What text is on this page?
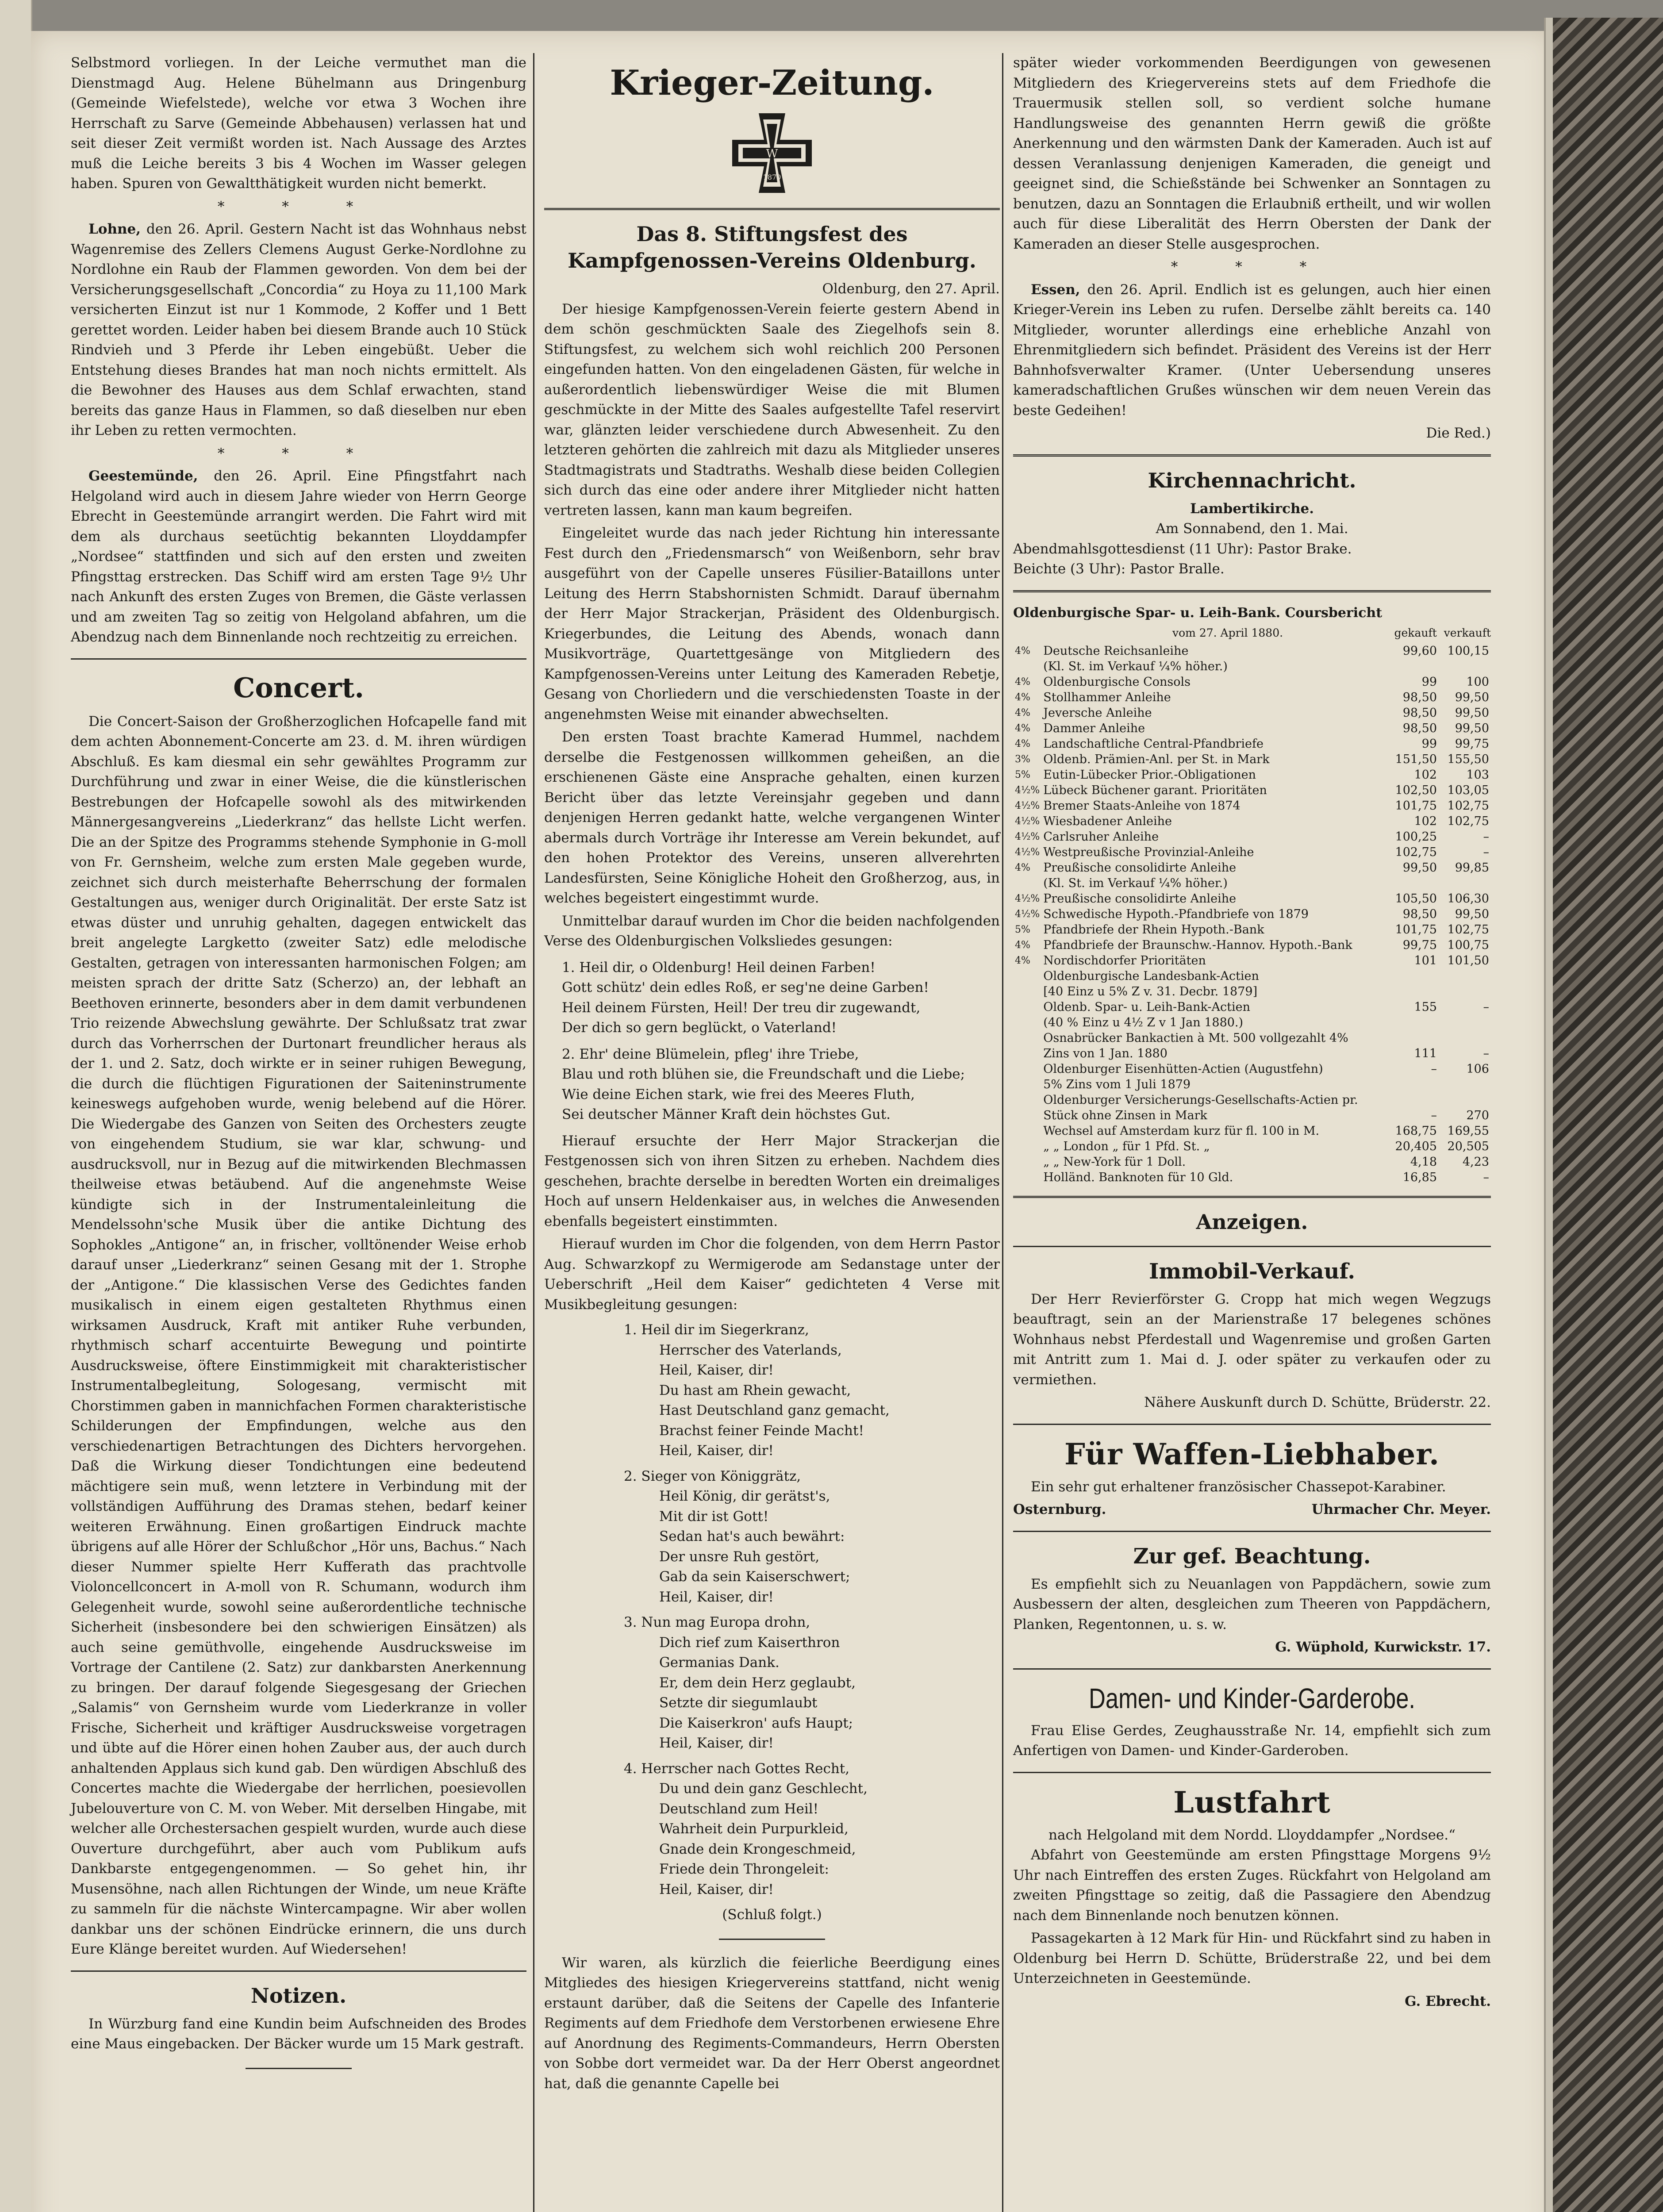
Selbstmord vorliegen. In der Leiche vermuthet man die Dienstmagd Aug. Helene Bühelmann aus Dringenburg (Gemeinde Wiefelstede), welche vor etwa 3 Wochen ihre Herrschaft zu Sarve (Gemeinde Abbehausen) verlassen hat und seit dieser Zeit vermißt worden ist. Nach Aussage des Arztes muß die Leiche bereits 3 bis 4 Wochen im Wasser gelegen haben. Spuren von Gewaltthätigkeit wurden nicht bemerkt.

* * *

Lohne, den 26. April. Gestern Nacht ist das Wohnhaus nebst Wagenremise des Zellers Clemens August Gerke-Nordlohne zu Nordlohne ein Raub der Flammen geworden. Von dem bei der Versicherungsgesellschaft „Concordia“ zu Hoya zu 11,100 Mark versicherten Einzut ist nur 1 Kommode, 2 Koffer und 1 Bett gerettet worden. Leider haben bei diesem Brande auch 10 Stück Rindvieh und 3 Pferde ihr Leben eingebüßt. Ueber die Entstehung dieses Brandes hat man noch nichts ermittelt. Als die Bewohner des Hauses aus dem Schlaf erwachten, stand bereits das ganze Haus in Flammen, so daß dieselben nur eben ihr Leben zu retten vermochten.

* * *

Geestemünde, den 26. April. Eine Pfingstfahrt nach Helgoland wird auch in diesem Jahre wieder von Herrn George Ebrecht in Geestemünde arrangirt werden. Die Fahrt wird mit dem als durchaus seetüchtig bekannten Lloyddampfer „Nordsee“ stattfinden und sich auf den ersten und zweiten Pfingsttag erstrecken. Das Schiff wird am ersten Tage 9½ Uhr nach Ankunft des ersten Zuges von Bremen, die Gäste verlassen und am zweiten Tag so zeitig von Helgoland abfahren, um die Abendzug nach dem Binnenlande noch rechtzeitig zu erreichen.

Concert.

Die Concert-Saison der Großherzoglichen Hofcapelle fand mit dem achten Abonnement-Concerte am 23. d. M. ihren würdigen Abschluß. Es kam diesmal ein sehr gewähltes Programm zur Durchführung und zwar in einer Weise, die die künstlerischen Bestrebungen der Hofcapelle sowohl als des mitwirkenden Männergesangvereins „Liederkranz“ das hellste Licht werfen. Die an der Spitze des Programms stehende Symphonie in G-moll von Fr. Gernsheim, welche zum ersten Male gegeben wurde, zeichnet sich durch meisterhafte Beherrschung der formalen Gestaltungen aus, weniger durch Originalität. Der erste Satz ist etwas düster und unruhig gehalten, dagegen entwickelt das breit angelegte Largketto (zweiter Satz) edle melodische Gestalten, getragen von interessanten harmonischen Folgen; am meisten sprach der dritte Satz (Scherzo) an, der lebhaft an Beethoven erinnerte, besonders aber in dem damit verbundenen Trio reizende Abwechslung gewährte. Der Schlußsatz trat zwar durch das Vorherrschen der Durtonart freundlicher heraus als der 1. und 2. Satz, doch wirkte er in seiner ruhigen Bewegung, die durch die flüchtigen Figurationen der Saiteninstrumente keineswegs aufgehoben wurde, wenig belebend auf die Hörer. Die Wiedergabe des Ganzen von Seiten des Orchesters zeugte von eingehendem Studium, sie war klar, schwung- und ausdrucksvoll, nur in Bezug auf die mitwirkenden Blechmassen theilweise etwas betäubend. Auf die angenehmste Weise kündigte sich in der Instrumentaleinleitung die Mendelssohn'sche Musik über die antike Dichtung des Sophokles „Antigone“ an, in frischer, volltönender Weise erhob darauf unser „Liederkranz“ seinen Gesang mit der 1. Strophe der „Antigone.“ Die klassischen Verse des Gedichtes fanden musikalisch in einem eigen gestalteten Rhythmus einen wirksamen Ausdruck, Kraft mit antiker Ruhe verbunden, rhythmisch scharf accentuirte Bewegung und pointirte Ausdrucksweise, öftere Einstimmigkeit mit charakteristischer Instrumentalbegleitung, Sologesang, vermischt mit Chorstimmen gaben in mannichfachen Formen charakteristische Schilderungen der Empfindungen, welche aus den verschiedenartigen Betrachtungen des Dichters hervorgehen. Daß die Wirkung dieser Tondichtungen eine bedeutend mächtigere sein muß, wenn letztere in Verbindung mit der vollständigen Aufführung des Dramas stehen, bedarf keiner weiteren Erwähnung. Einen großartigen Eindruck machte übrigens auf alle Hörer der Schlußchor „Hör uns, Bachus.“ Nach dieser Nummer spielte Herr Kufferath das prachtvolle Violoncellconcert in A-moll von R. Schumann, wodurch ihm Gelegenheit wurde, sowohl seine außerordentliche technische Sicherheit (insbesondere bei den schwierigen Einsätzen) als auch seine gemüthvolle, eingehende Ausdrucksweise im Vortrage der Cantilene (2. Satz) zur dankbarsten Anerkennung zu bringen. Der darauf folgende Siegesgesang der Griechen „Salamis“ von Gernsheim wurde vom Liederkranze in voller Frische, Sicherheit und kräftiger Ausdrucksweise vorgetragen und übte auf die Hörer einen hohen Zauber aus, der auch durch anhaltenden Applaus sich kund gab. Den würdigen Abschluß des Concertes machte die Wiedergabe der herrlichen, poesievollen Jubelouverture von C. M. von Weber. Mit derselben Hingabe, mit welcher alle Orchestersachen gespielt wurden, wurde auch diese Ouverture durchgeführt, aber auch vom Publikum aufs Dankbarste entgegengenommen. — So gehet hin, ihr Musensöhne, nach allen Richtungen der Winde, um neue Kräfte zu sammeln für die nächste Wintercampagne. Wir aber wollen dankbar uns der schönen Eindrücke erinnern, die uns durch Eure Klänge bereitet wurden. Auf Wiedersehen!

Notizen.

In Würzburg fand eine Kundin beim Aufschneiden des Brodes eine Maus eingebacken. Der Bäcker wurde um 15 Mark gestraft.

Krieger-Zeitung.
W
1870
Das 8. Stiftungsfest des Kampfgenossen-Vereins Oldenburg.
Oldenburg, den 27. April.

Der hiesige Kampfgenossen-Verein feierte gestern Abend in dem schön geschmückten Saale des Ziegelhofs sein 8. Stiftungsfest, zu welchem sich wohl reichlich 200 Personen eingefunden hatten. Von den eingeladenen Gästen, für welche in außerordentlich liebenswürdiger Weise die mit Blumen geschmückte in der Mitte des Saales aufgestellte Tafel reservirt war, glänzten leider verschiedene durch Abwesenheit. Zu den letzteren gehörten die zahlreich mit dazu als Mitglieder unseres Stadtmagistrats und Stadtraths. Weshalb diese beiden Collegien sich durch das eine oder andere ihrer Mitglieder nicht hatten vertreten lassen, kann man kaum begreifen.

Eingeleitet wurde das nach jeder Richtung hin interessante Fest durch den „Friedensmarsch“ von Weißenborn, sehr brav ausgeführt von der Capelle unseres Füsilier-Bataillons unter Leitung des Herrn Stabshornisten Schmidt. Darauf übernahm der Herr Major Strackerjan, Präsident des Oldenburgisch. Kriegerbundes, die Leitung des Abends, wonach dann Musikvorträge, Quartettgesänge von Mitgliedern des Kampfgenossen-Vereins unter Leitung des Kameraden Rebetje, Gesang von Chorliedern und die verschiedensten Toaste in der angenehmsten Weise mit einander abwechselten.

Den ersten Toast brachte Kamerad Hummel, nachdem derselbe die Festgenossen willkommen geheißen, an die erschienenen Gäste eine Ansprache gehalten, einen kurzen Bericht über das letzte Vereinsjahr gegeben und dann denjenigen Herren gedankt hatte, welche vergangenen Winter abermals durch Vorträge ihr Interesse am Verein bekundet, auf den hohen Protektor des Vereins, unseren allverehrten Landesfürsten, Seine Königliche Hoheit den Großherzog, aus, in welches begeistert eingestimmt wurde.

Unmittelbar darauf wurden im Chor die beiden nachfolgenden Verse des Oldenburgischen Volksliedes gesungen:

1. Heil dir, o Oldenburg! Heil deinen Farben!
Gott schütz' dein edles Roß, er seg'ne deine Garben!
Heil deinem Fürsten, Heil! Der treu dir zugewandt,
Der dich so gern beglückt, o Vaterland!
2. Ehr' deine Blümelein, pfleg' ihre Triebe,
Blau und roth blühen sie, die Freundschaft und die Liebe;
Wie deine Eichen stark, wie frei des Meeres Fluth,
Sei deutscher Männer Kraft dein höchstes Gut.

Hierauf ersuchte der Herr Major Strackerjan die Festgenossen sich von ihren Sitzen zu erheben. Nachdem dies geschehen, brachte derselbe in beredten Worten ein dreimaliges Hoch auf unsern Heldenkaiser aus, in welches die Anwesenden ebenfalls begeistert einstimmten.

Hierauf wurden im Chor die folgenden, von dem Herrn Pastor Aug. Schwarzkopf zu Wermigerode am Sedanstage unter der Ueberschrift „Heil dem Kaiser“ gedichteten 4 Verse mit Musikbegleitung gesungen:

1. Heil dir im Siegerkranz,
Herrscher des Vaterlands,
Heil, Kaiser, dir!
Du hast am Rhein gewacht,
Hast Deutschland ganz gemacht,
Brachst feiner Feinde Macht!
Heil, Kaiser, dir!
2. Sieger von Königgrätz,
Heil König, dir gerätst's,
Mit dir ist Gott!
Sedan hat's auch bewährt:
Der unsre Ruh gestört,
Gab da sein Kaiserschwert;
Heil, Kaiser, dir!
3. Nun mag Europa drohn,
Dich rief zum Kaiserthron
Germanias Dank.
Er, dem dein Herz geglaubt,
Setzte dir siegumlaubt
Die Kaiserkron' aufs Haupt;
Heil, Kaiser, dir!
4. Herrscher nach Gottes Recht,
Du und dein ganz Geschlecht,
Deutschland zum Heil!
Wahrheit dein Purpurkleid,
Gnade dein Krongeschmeid,
Friede dein Throngeleit:
Heil, Kaiser, dir!
(Schluß folgt.)

Wir waren, als kürzlich die feierliche Beerdigung eines Mitgliedes des hiesigen Kriegervereins stattfand, nicht wenig erstaunt darüber, daß die Seitens der Capelle des Infanterie Regiments auf dem Friedhofe dem Verstorbenen erwiesene Ehre auf Anordnung des Regiments-Commandeurs, Herrn Obersten von Sobbe dort vermeidet war. Da der Herr Oberst angeordnet hat, daß die genannte Capelle bei

später wieder vorkommenden Beerdigungen von gewesenen Mitgliedern des Kriegervereins stets auf dem Friedhofe die Trauermusik stellen soll, so verdient solche humane Handlungsweise des genannten Herrn gewiß die größte Anerkennung und den wärmsten Dank der Kameraden. Auch ist auf dessen Veranlassung denjenigen Kameraden, die geneigt und geeignet sind, die Schießstände bei Schwenker an Sonntagen zu benutzen, dazu an Sonntagen die Erlaubniß ertheilt, und wir wollen auch für diese Liberalität des Herrn Obersten der Dank der Kameraden an dieser Stelle ausgesprochen.

* * *

Essen, den 26. April. Endlich ist es gelungen, auch hier einen Krieger-Verein ins Leben zu rufen. Derselbe zählt bereits ca. 140 Mitglieder, worunter allerdings eine erhebliche Anzahl von Ehrenmitgliedern sich befindet. Präsident des Vereins ist der Herr Bahnhofsverwalter Kramer. (Unter Uebersendung unseres kameradschaftlichen Grußes wünschen wir dem neuen Verein das beste Gedeihen!

Die Red.)
Kirchennachricht.
Lambertikirche.
Am Sonnabend, den 1. Mai.
Abendmahlsgottesdienst (11 Uhr): Pastor Brake.
Beichte (3 Uhr): Pastor Bralle.
Oldenburgische Spar- u. Leih-Bank. Coursbericht
vom 27. April 1880.	gekauft verkauft
4%	Deutsche Reichsanleihe	99,60	100,15
	(Kl. St. im Verkauf ¼% höher.)		
4%	Oldenburgische Consols	99	100
4%	Stollhammer Anleihe	98,50	99,50
4%	Jeversche Anleihe	98,50	99,50
4%	Dammer Anleihe	98,50	99,50
4%	Landschaftliche Central-Pfandbriefe	99	99,75
3%	Oldenb. Prämien-Anl. per St. in Mark	151,50	155,50
5%	Eutin-Lübecker Prior.-Obligationen	102	103
4½%	Lübeck Büchener garant. Prioritäten	102,50	103,05
4½%	Bremer Staats-Anleihe von 1874	101,75	102,75
4½%	Wiesbadener Anleihe	102	102,75
4½%	Carlsruher Anleihe	100,25	–
4½%	Westpreußische Provinzial-Anleihe	102,75	–
4%	Preußische consolidirte Anleihe	99,50	99,85
	(Kl. St. im Verkauf ¼% höher.)		
4½%	Preußische consolidirte Anleihe	105,50	106,30
4½%	Schwedische Hypoth.-Pfandbriefe von 1879	98,50	99,50
5%	Pfandbriefe der Rhein Hypoth.-Bank	101,75	102,75
4%	Pfandbriefe der Braunschw.-Hannov. Hypoth.-Bank	99,75	100,75
4%	Nordischdorfer Prioritäten	101	101,50
	Oldenburgische Landesbank-Actien		
	[40 Einz u 5% Z v. 31. Decbr. 1879]		
	Oldenb. Spar- u. Leih-Bank-Actien	155	–
	(40 % Einz u 4½ Z v 1 Jan 1880.)		
	Osnabrücker Bankactien à Mt. 500 vollgezahlt 4%		
	Zins von 1 Jan. 1880	111	–
	Oldenburger Eisenhütten-Actien (Augustfehn)	–	106
	5% Zins vom 1 Juli 1879		
	Oldenburger Versicherungs-Gesellschafts-Actien pr.		
	Stück ohne Zinsen in Mark	–	270
	Wechsel auf Amsterdam kurz für fl. 100 in M.	168,75	169,55
	„ „ London „ für 1 Pfd. St. „	20,405	20,505
	„ „ New-York für 1 Doll.	4,18	4,23
	Holländ. Banknoten für 10 Gld.	16,85	–
Anzeigen.
Immobil-Verkauf.

Der Herr Revierförster G. Cropp hat mich wegen Wegzugs beauftragt, sein an der Marienstraße 17 belegenes schönes Wohnhaus nebst Pferdestall und Wagenremise und großen Garten mit Antritt zum 1. Mai d. J. oder später zu verkaufen oder zu vermiethen.

Nähere Auskunft durch D. Schütte, Brüderstr. 22.
Für Waffen-Liebhaber.

Ein sehr gut erhaltener französischer Chassepot-Karabiner.

Osternburg.	Uhrmacher Chr. Meyer.
Zur gef. Beachtung.

Es empfiehlt sich zu Neuanlagen von Pappdächern, sowie zum Ausbessern der alten, desgleichen zum Theeren von Pappdächern, Planken, Regentonnen, u. s. w.

G. Wüphold, Kurwickstr. 17.
Damen- und Kinder-Garderobe.

Frau Elise Gerdes, Zeughausstraße Nr. 14, empfiehlt sich zum Anfertigen von Damen- und Kinder-Garderoben.

Lustfahrt
nach Helgoland mit dem Nordd. Lloyddampfer „Nordsee.“

Abfahrt von Geestemünde am ersten Pfingsttage Morgens 9½ Uhr nach Eintreffen des ersten Zuges. Rückfahrt von Helgoland am zweiten Pfingsttage so zeitig, daß die Passagiere den Abendzug nach dem Binnenlande noch benutzen können.

Passagekarten à 12 Mark für Hin- und Rückfahrt sind zu haben in Oldenburg bei Herrn D. Schütte, Brüderstraße 22, und bei dem Unterzeichneten in Geestemünde.

G. Ebrecht.
